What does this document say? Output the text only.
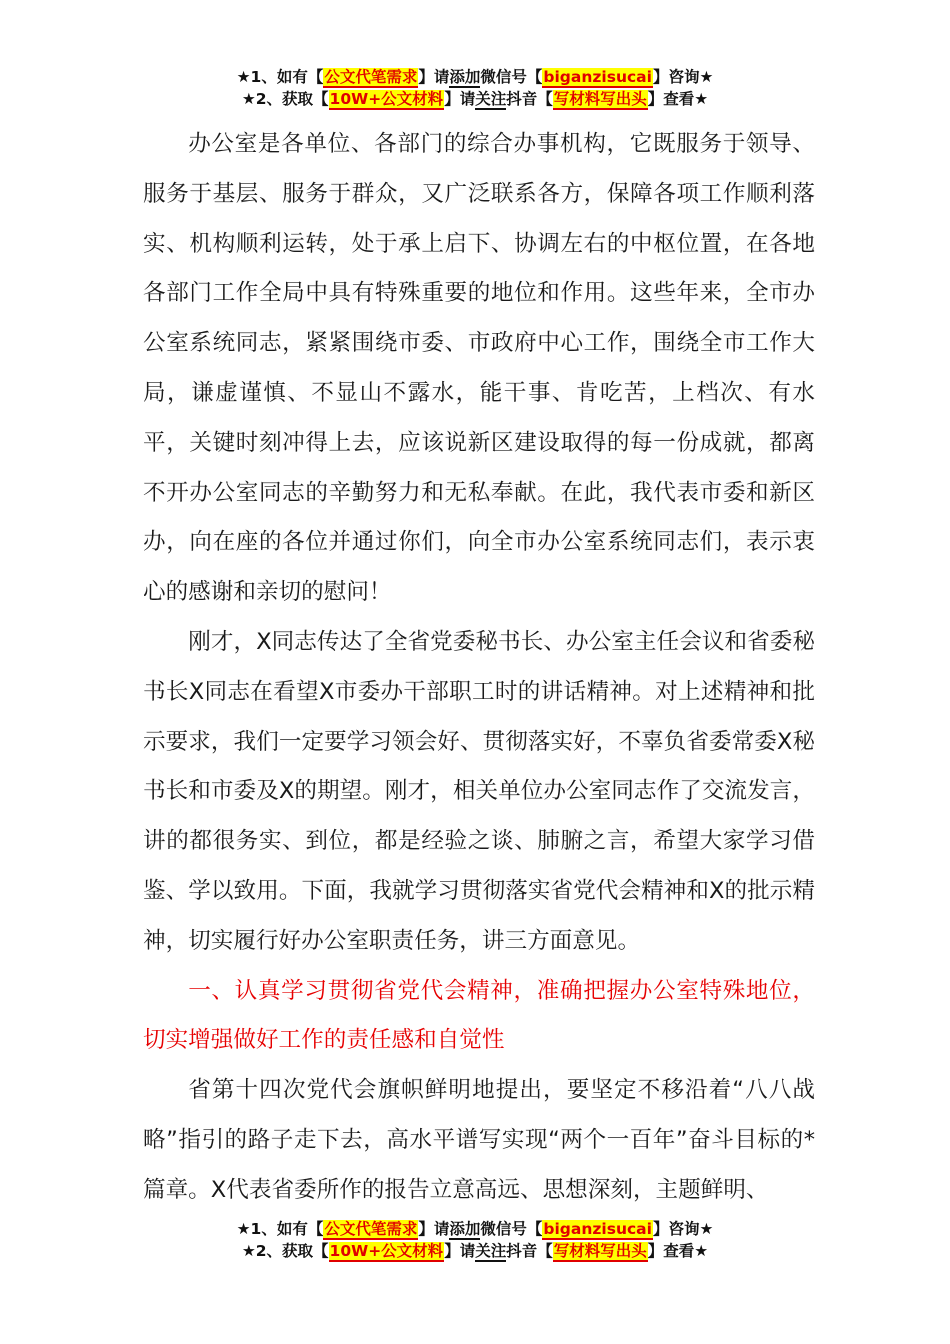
★1、如有【公文代笔需求】请添加微信号【biganzisucai】咨询★
★2、获取【10W+公文材料】请关注抖音【写材料写出头】查看★

办公室是各单位、各部门的综合办事机构，它既服务于领导、服务于基层、服务于群众，又广泛联系各方，保障各项工作顺利落实、机构顺利运转，处于承上启下、协调左右的中枢位置，在各地各部门工作全局中具有特殊重要的地位和作用。这些年来，全市办公室系统同志，紧紧围绕市委、市政府中心工作，围绕全市工作大局，谦虚谨慎、不显山不露水，能干事、肯吃苦，上档次、有水平，关键时刻冲得上去，应该说新区建设取得的每一份成就，都离不开办公室同志的辛勤努力和无私奉献。在此，我代表市委和新区办，向在座的各位并通过你们，向全市办公室系统同志们，表示衷心的感谢和亲切的慰问！

刚才，X同志传达了全省党委秘书长、办公室主任会议和省委秘书长X同志在看望X市委办干部职工时的讲话精神。对上述精神和批示要求，我们一定要学习领会好、贯彻落实好，不辜负省委常委X秘书长和市委及X的期望。刚才，相关单位办公室同志作了交流发言，讲的都很务实、到位，都是经验之谈、肺腑之言，希望大家学习借鉴、学以致用。下面，我就学习贯彻落实省党代会精神和X的批示精神，切实履行好办公室职责任务，讲三方面意见。

一、认真学习贯彻省党代会精神，准确把握办公室特殊地位，切实增强做好工作的责任感和自觉性

省第十四次党代会旗帜鲜明地提出，要坚定不移沿着“八八战略”指引的路子走下去，高水平谱写实现“两个一百年”奋斗目标的*篇章。X代表省委所作的报告立意高远、思想深刻，主题鲜明、

★1、如有【公文代笔需求】请添加微信号【biganzisucai】咨询★
★2、获取【10W+公文材料】请关注抖音【写材料写出头】查看★
